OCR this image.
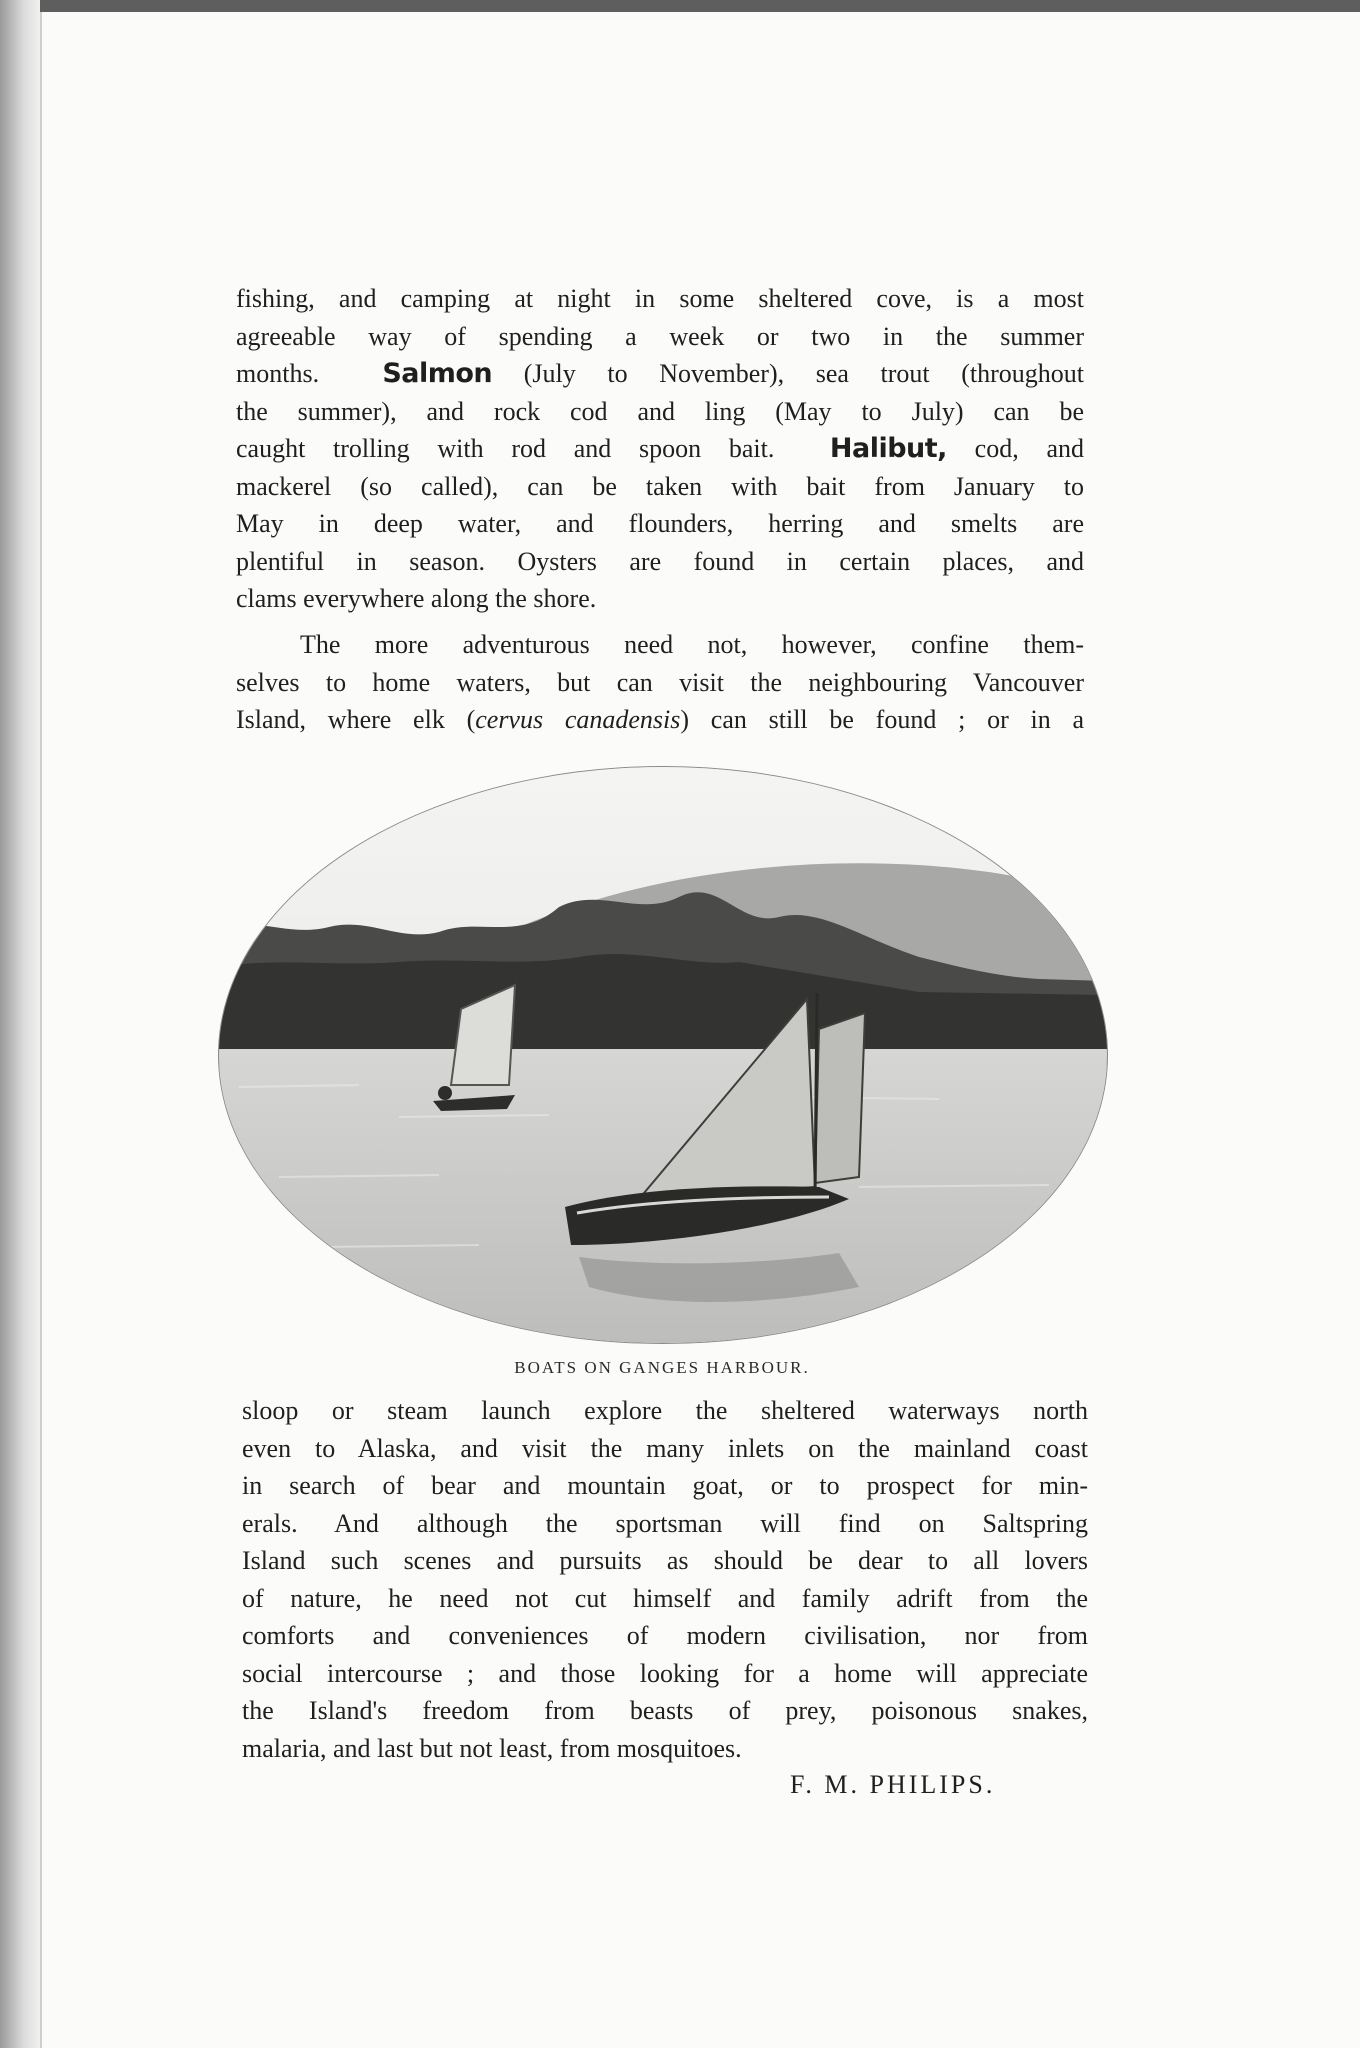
fishing, and camping at night in some sheltered cove, is a most
agreeable way of spending a week or two in the summer
months. Salmon (July to November), sea trout (throughout
the summer), and rock cod and ling (May to July) can be
caught trolling with rod and spoon bait. Halibut, cod, and
mackerel (so called), can be taken with bait from January to
May in deep water, and flounders, herring and smelts are
plentiful in season. Oysters are found in certain places, and
clams everywhere along the shore.

The more adventurous need not, however, confine them-
selves to home waters, but can visit the neighbouring Vancouver
Island, where elk (cervus canadensis) can still be found ; or in a

BOATS ON GANGES HARBOUR.

sloop or steam launch explore the sheltered waterways north
even to Alaska, and visit the many inlets on the mainland coast
in search of bear and mountain goat, or to prospect for min-
erals. And although the sportsman will find on Saltspring
Island such scenes and pursuits as should be dear to all lovers
of nature, he need not cut himself and family adrift from the
comforts and conveniences of modern civilisation, nor from
social intercourse ; and those looking for a home will appreciate
the Island's freedom from beasts of prey, poisonous snakes,
malaria, and last but not least, from mosquitoes.

F. M. PHILIPS.
